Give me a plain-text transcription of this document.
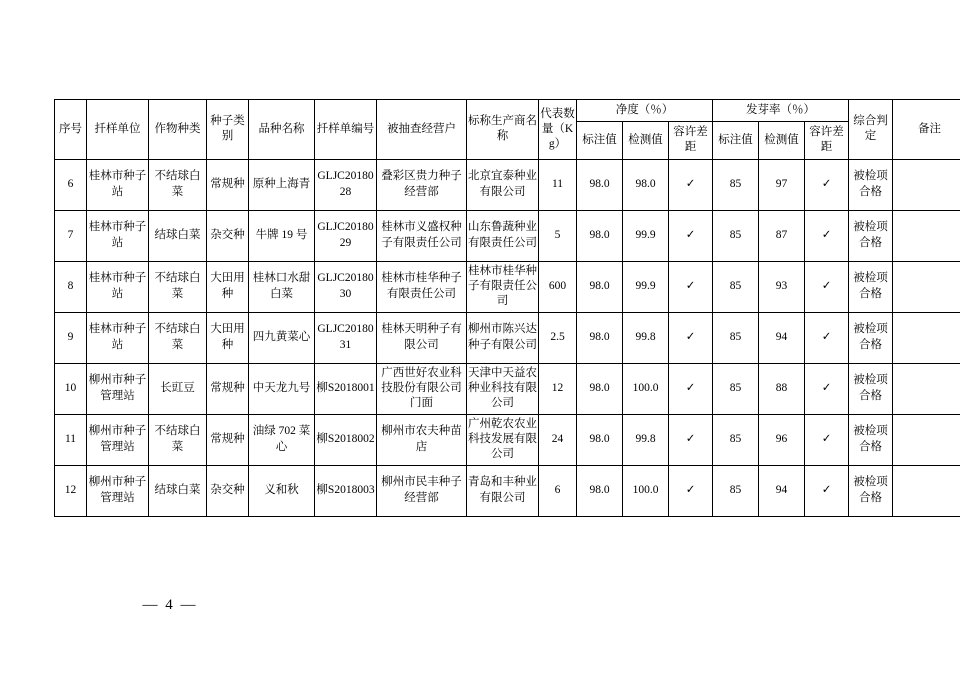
序号	扦样单位	作物种类	种子类别	品种名称	扦样单编号	被抽查经营户	标称生产商名称	代表数量（Kg）	净度（％）			发芽率（％）			综合判定	备注
									标注值	检测值	容许差距	标注值	检测值	容许差距		
6	桂林市种子站	不结球白菜	常规种	原种上海青	GLJC2018028	叠彩区贵力种子经营部	北京宜泰种业有限公司	11	98.0	98.0	✓	85	97	✓	被检项合格	
7	桂林市种子站	结球白菜	杂交种	牛牌 19 号	GLJC2018029	桂林市义盛权种子有限责任公司	山东鲁蔬种业有限责任公司	5	98.0	99.9	✓	85	87	✓	被检项合格	
8	桂林市种子站	不结球白菜	大田用种	桂林口水甜白菜	GLJC2018030	桂林市桂华种子有限责任公司	桂林市桂华种子有限责任公司	600	98.0	99.9	✓	85	93	✓	被检项合格	
9	桂林市种子站	不结球白菜	大田用种	四九黄菜心	GLJC2018031	桂林天明种子有限公司	柳州市陈兴达种子有限公司	2.5	98.0	99.8	✓	85	94	✓	被检项合格	
10	柳州市种子管理站	长豇豆	常规种	中天龙九号	柳S2018001	广西世好农业科技股份有限公司门面	天津中天益农种业科技有限公司	12	98.0	100.0	✓	85	88	✓	被检项合格	
11	柳州市种子管理站	不结球白菜	常规种	油绿 702 菜心	柳S2018002	柳州市农夫种苗店	广州乾农农业科技发展有限公司	24	98.0	99.8	✓	85	96	✓	被检项合格	
12	柳州市种子管理站	结球白菜	杂交种	义和秋	柳S2018003	柳州市民丰种子经营部	青岛和丰种业有限公司	6	98.0	100.0	✓	85	94	✓	被检项合格	
— 4 —
